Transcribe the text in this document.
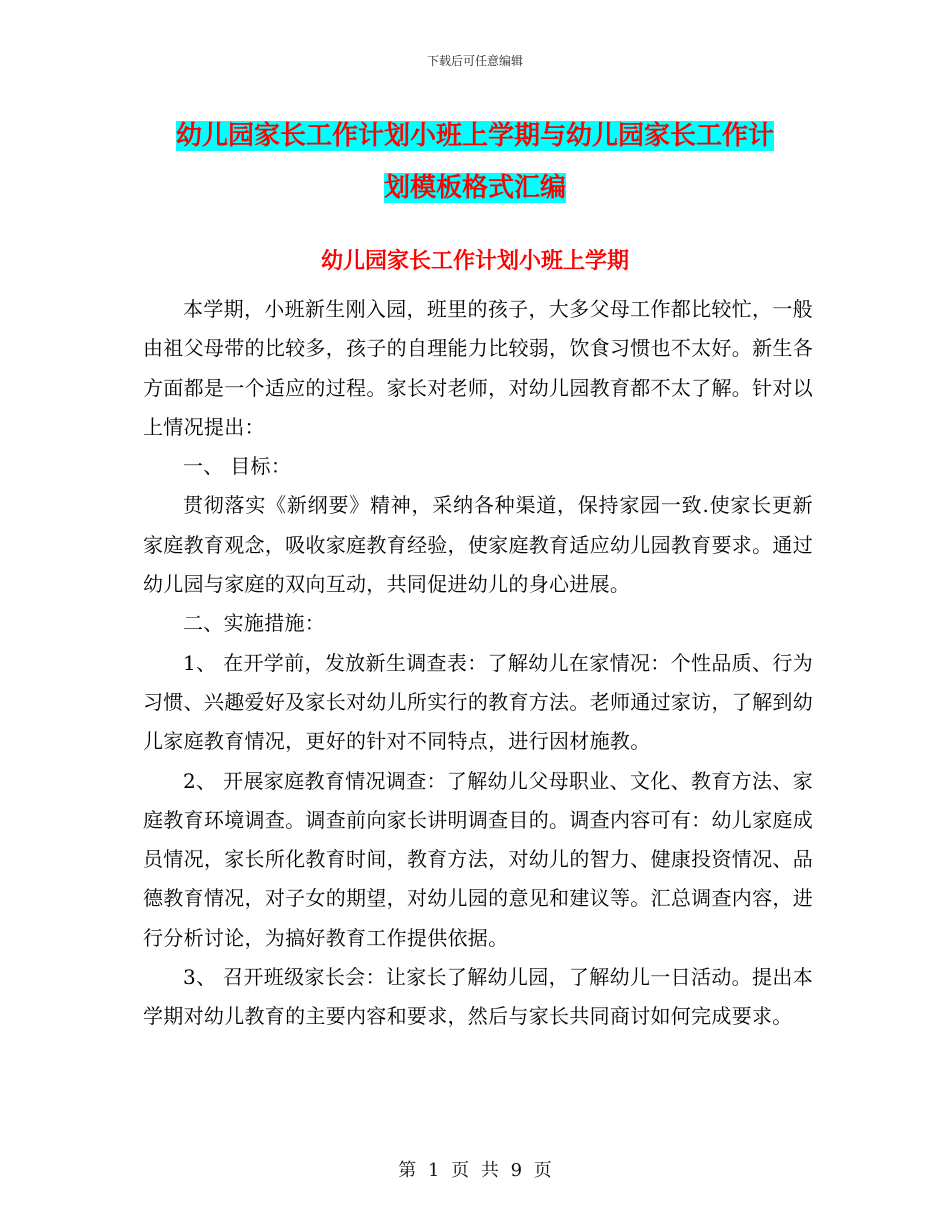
下载后可任意编辑
幼儿园家长工作计划小班上学期与幼儿园家长工作计
划模板格式汇编
幼儿园家长工作计划小班上学期

本学期，小班新生刚入园，班里的孩子，大多父母工作都比较忙，一般由祖父母带的比较多，孩子的自理能力比较弱，饮食习惯也不太好。新生各方面都是一个适应的过程。家长对老师，对幼儿园教育都不太了解。针对以上情况提出：

一、 目标：

贯彻落实《新纲要》精神，采纳各种渠道，保持家园一致.使家长更新家庭教育观念，吸收家庭教育经验，使家庭教育适应幼儿园教育要求。通过幼儿园与家庭的双向互动，共同促进幼儿的身心进展。

二、实施措施：

1、 在开学前，发放新生调查表：了解幼儿在家情况：个性品质、行为习惯、兴趣爱好及家长对幼儿所实行的教育方法。老师通过家访，了解到幼儿家庭教育情况，更好的针对不同特点，进行因材施教。

2、 开展家庭教育情况调查：了解幼儿父母职业、文化、教育方法、家庭教育环境调查。调查前向家长讲明调查目的。调查内容可有：幼儿家庭成员情况，家长所化教育时间，教育方法，对幼儿的智力、健康投资情况、品德教育情况，对子女的期望，对幼儿园的意见和建议等。汇总调查内容，进行分析讨论，为搞好教育工作提供依据。

3、 召开班级家长会：让家长了解幼儿园，了解幼儿一日活动。提出本学期对幼儿教育的主要内容和要求，然后与家长共同商讨如何完成要求。

第 1 页 共 9 页
